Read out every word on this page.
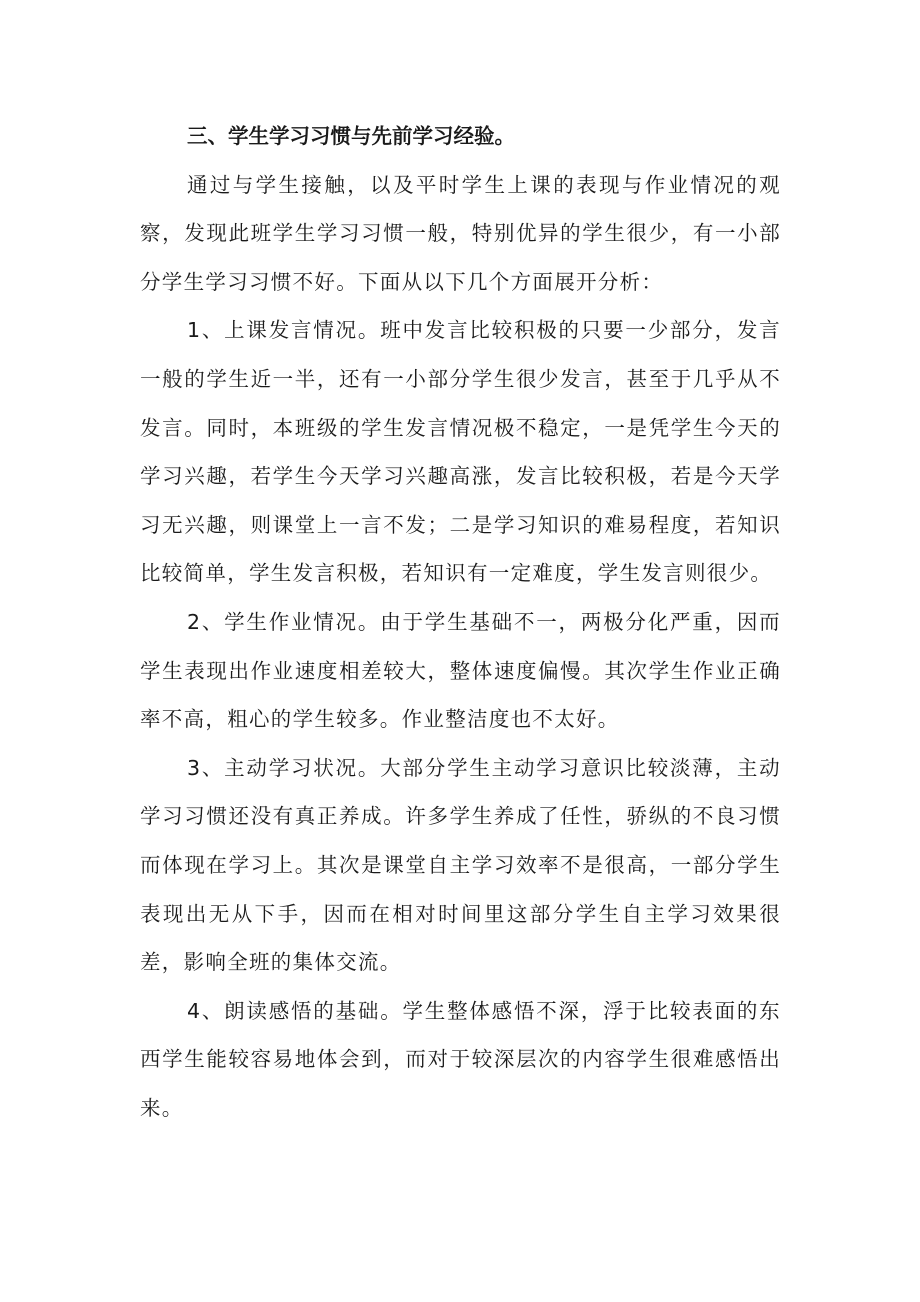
三、学生学习习惯与先前学习经验。

通过与学生接触，以及平时学生上课的表现与作业情况的观察，发现此班学生学习习惯一般，特别优异的学生很少，有一小部分学生学习习惯不好。下面从以下几个方面展开分析：

1、上课发言情况。班中发言比较积极的只要一少部分，发言一般的学生近一半，还有一小部分学生很少发言，甚至于几乎从不发言。同时，本班级的学生发言情况极不稳定，一是凭学生今天的学习兴趣，若学生今天学习兴趣高涨，发言比较积极，若是今天学习无兴趣，则课堂上一言不发；二是学习知识的难易程度，若知识比较简单，学生发言积极，若知识有一定难度，学生发言则很少。

2、学生作业情况。由于学生基础不一，两极分化严重，因而学生表现出作业速度相差较大，整体速度偏慢。其次学生作业正确率不高，粗心的学生较多。作业整洁度也不太好。

3、主动学习状况。大部分学生主动学习意识比较淡薄，主动学习习惯还没有真正养成。许多学生养成了任性，骄纵的不良习惯而体现在学习上。其次是课堂自主学习效率不是很高，一部分学生表现出无从下手，因而在相对时间里这部分学生自主学习效果很差，影响全班的集体交流。

4、朗读感悟的基础。学生整体感悟不深，浮于比较表面的东西学生能较容易地体会到，而对于较深层次的内容学生很难感悟出来。
